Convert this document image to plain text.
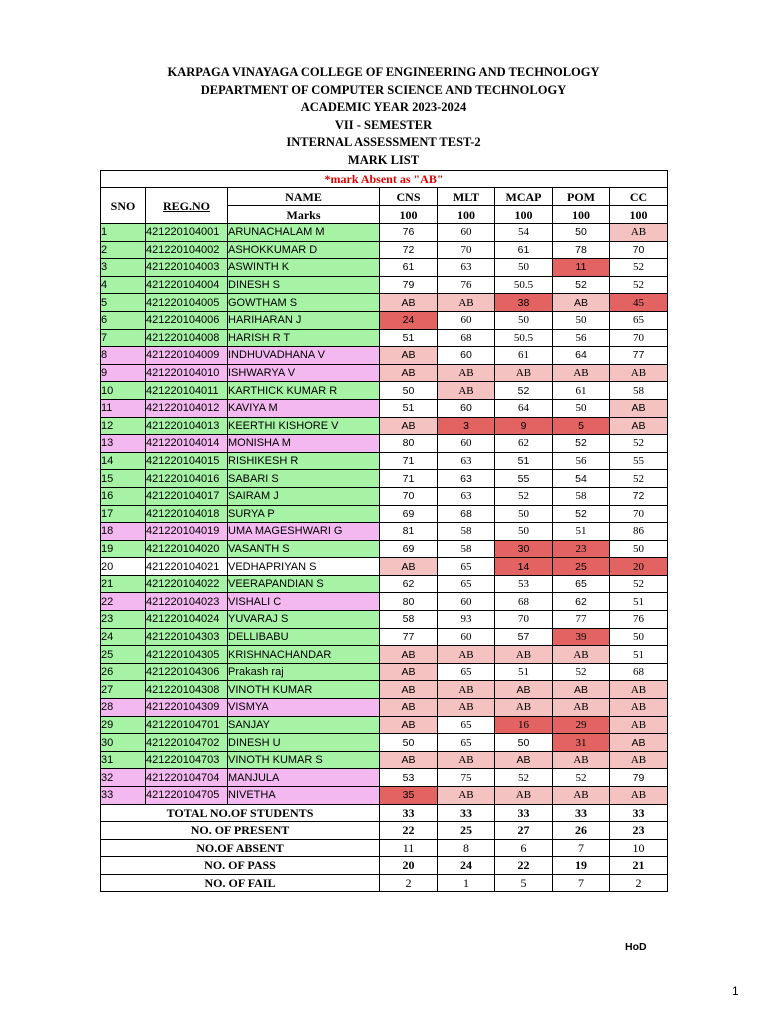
KARPAGA VINAYAGA COLLEGE OF ENGINEERING AND TECHNOLOGY
DEPARTMENT OF COMPUTER SCIENCE AND TECHNOLOGY
ACADEMIC YEAR 2023-2024
VII - SEMESTER
INTERNAL ASSESSMENT TEST-2
MARK LIST
*mark Absent as "AB"							
SNO	REG.NO	NAME	CNS	MLT	MCAP	POM	CC
		Marks	100	100	100	100	100
1	421220104001	ARUNACHALAM M	76	60	54	50	AB
2	421220104002	ASHOKKUMAR D	72	70	61	78	70
3	421220104003	ASWINTH K	61	63	50	11	52
4	421220104004	DINESH S	79	76	50.5	52	52
5	421220104005	GOWTHAM S	AB	AB	38	AB	45
6	421220104006	HARIHARAN J	24	60	50	50	65
7	421220104008	HARISH R T	51	68	50.5	56	70
8	421220104009	INDHUVADHANA V	AB	60	61	64	77
9	421220104010	ISHWARYA V	AB	AB	AB	AB	AB
10	421220104011	KARTHICK KUMAR R	50	AB	52	61	58
11	421220104012	KAVIYA M	51	60	64	50	AB
12	421220104013	KEERTHI KISHORE V	AB	3	9	5	AB
13	421220104014	MONISHA M	80	60	62	52	52
14	421220104015	RISHIKESH R	71	63	51	56	55
15	421220104016	SABARI S	71	63	55	54	52
16	421220104017	SAIRAM J	70	63	52	58	72
17	421220104018	SURYA P	69	68	50	52	70
18	421220104019	UMA MAGESHWARI G	81	58	50	51	86
19	421220104020	VASANTH S	69	58	30	23	50
20	421220104021	VEDHAPRIYAN S	AB	65	14	25	20
21	421220104022	VEERAPANDIAN S	62	65	53	65	52
22	421220104023	VISHALI C	80	60	68	62	51
23	421220104024	YUVARAJ S	58	93	70	77	76
24	421220104303	DELLIBABU	77	60	57	39	50
25	421220104305	KRISHNACHANDAR	AB	AB	AB	AB	51
26	421220104306	Prakash raj	AB	65	51	52	68
27	421220104308	VINOTH KUMAR	AB	AB	AB	AB	AB
28	421220104309	VISMYA	AB	AB	AB	AB	AB
29	421220104701	SANJAY	AB	65	16	29	AB
30	421220104702	DINESH U	50	65	50	31	AB
31	421220104703	VINOTH KUMAR S	AB	AB	AB	AB	AB
32	421220104704	MANJULA	53	75	52	52	79
33	421220104705	NIVETHA	35	AB	AB	AB	AB
TOTAL NO.OF STUDENTS			33	33	33	33	33
NO. OF PRESENT			22	25	27	26	23
NO.OF ABSENT			11	8	6	7	10
NO. OF PASS			20	24	22	19	21
NO. OF FAIL			2	1	5	7	2
HoD
1
